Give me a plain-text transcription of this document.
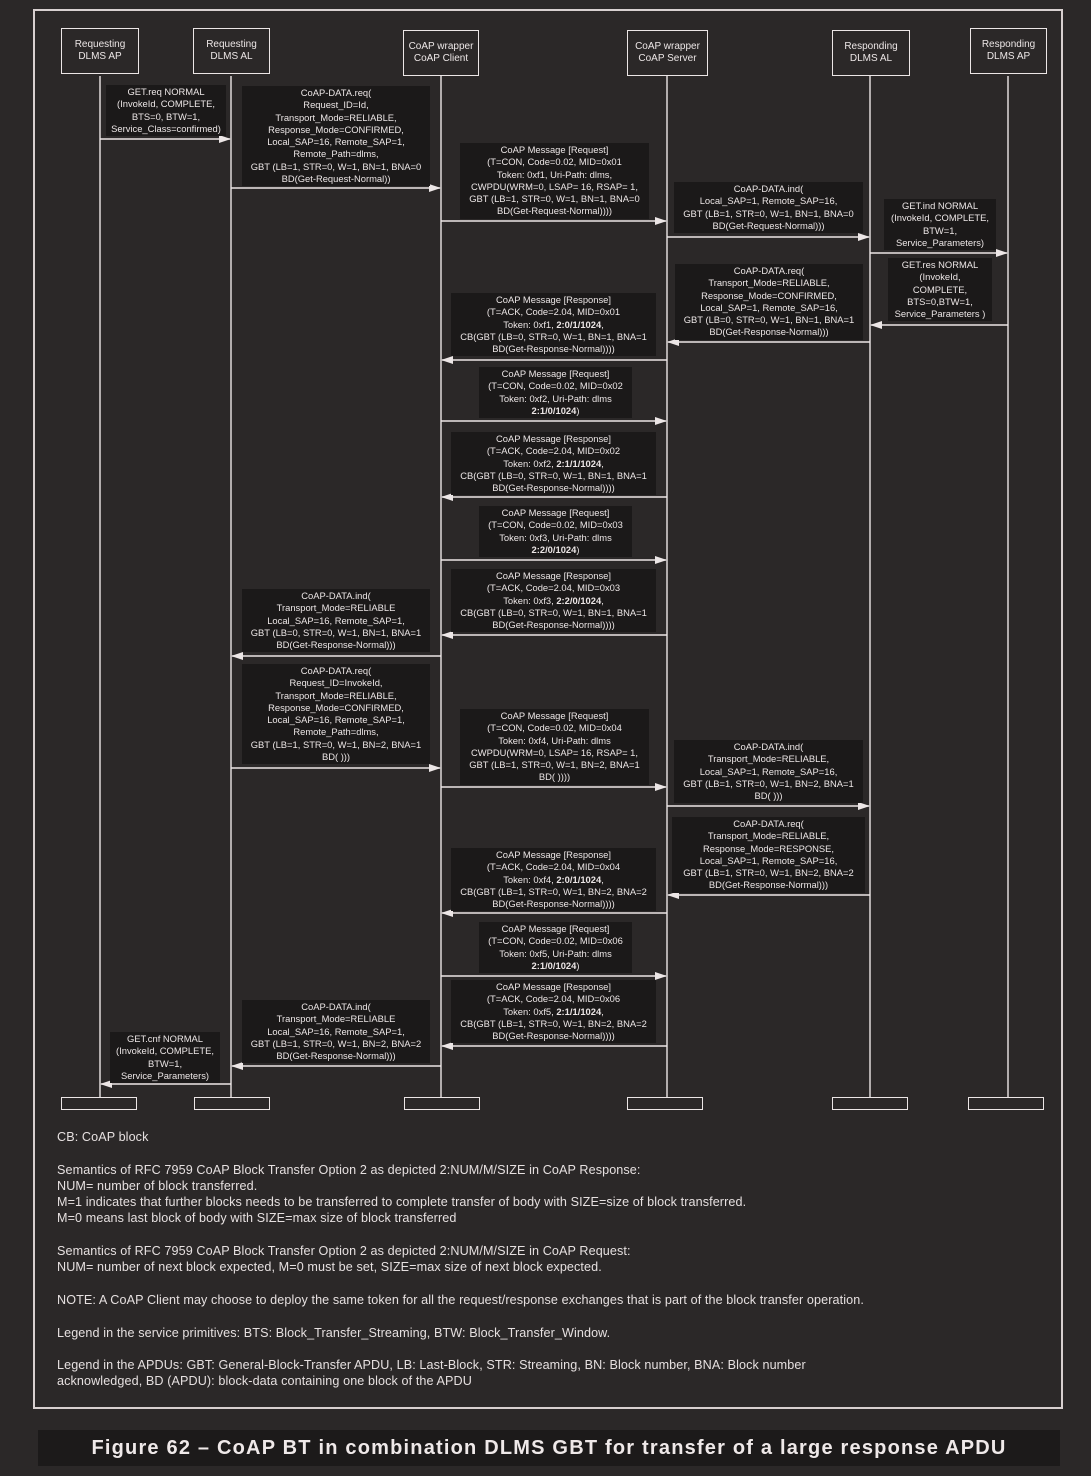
Requesting
DLMS AP
Requesting
DLMS AL
CoAP wrapper
CoAP Client
CoAP wrapper
CoAP Server
Responding
DLMS AL
Responding
DLMS AP
GET.req NORMAL
(InvokeId, COMPLETE,
BTS=0, BTW=1,
Service_Class=confirmed)
CoAP-DATA.req(
Request_ID=Id,
Transport_Mode=RELIABLE,
Response_Mode=CONFIRMED,
Local_SAP=16, Remote_SAP=1,
Remote_Path=dlms,
GBT (LB=1, STR=0, W=1, BN=1, BNA=0
BD(Get-Request-Normal))
CoAP Message [Request]
(T=CON, Code=0.02, MID=0x01
Token: 0xf1, Uri-Path: dlms,
CWPDU(WRM=0, LSAP= 16, RSAP= 1,
GBT (LB=1, STR=0, W=1, BN=1, BNA=0
BD(Get-Request-Normal))))
CoAP-DATA.ind(
Local_SAP=1, Remote_SAP=16,
GBT (LB=1, STR=0, W=1, BN=1, BNA=0
BD(Get-Request-Normal)))
GET.ind NORMAL
(InvokeId, COMPLETE,
BTW=1,
Service_Parameters)
GET.res NORMAL
(InvokeId,
COMPLETE,
BTS=0,BTW=1,
Service_Parameters )
CoAP-DATA.req(
Transport_Mode=RELIABLE,
Response_Mode=CONFIRMED,
Local_SAP=1, Remote_SAP=16,
GBT (LB=0, STR=0, W=1, BN=1, BNA=1
BD(Get-Response-Normal)))
CoAP Message [Response]
(T=ACK, Code=2.04, MID=0x01
Token: 0xf1, 2:0/1/1024,
CB(GBT (LB=0, STR=0, W=1, BN=1, BNA=1
BD(Get-Response-Normal))))
CoAP Message [Request]
(T=CON, Code=0.02, MID=0x02
Token: 0xf2, Uri-Path: dlms
2:1/0/1024)
CoAP Message [Response]
(T=ACK, Code=2.04, MID=0x02
Token: 0xf2, 2:1/1/1024,
CB(GBT (LB=0, STR=0, W=1, BN=1, BNA=1
BD(Get-Response-Normal))))
CoAP Message [Request]
(T=CON, Code=0.02, MID=0x03
Token: 0xf3, Uri-Path: dlms
2:2/0/1024)
CoAP Message [Response]
(T=ACK, Code=2.04, MID=0x03
Token: 0xf3, 2:2/0/1024,
CB(GBT (LB=0, STR=0, W=1, BN=1, BNA=1
BD(Get-Response-Normal))))
CoAP-DATA.ind(
Transport_Mode=RELIABLE
Local_SAP=16, Remote_SAP=1,
GBT (LB=0, STR=0, W=1, BN=1, BNA=1
BD(Get-Response-Normal)))
CoAP-DATA.req(
Request_ID=InvokeId,
Transport_Mode=RELIABLE,
Response_Mode=CONFIRMED,
Local_SAP=16, Remote_SAP=1,
Remote_Path=dlms,
GBT (LB=1, STR=0, W=1, BN=2, BNA=1
BD( )))
CoAP Message [Request]
(T=CON, Code=0.02, MID=0x04
Token: 0xf4, Uri-Path: dlms
CWPDU(WRM=0, LSAP= 16, RSAP= 1,
GBT (LB=1, STR=0, W=1, BN=2, BNA=1
BD( ))))
CoAP-DATA.ind(
Transport_Mode=RELIABLE,
Local_SAP=1, Remote_SAP=16,
GBT (LB=1, STR=0, W=1, BN=2, BNA=1
BD( )))
CoAP-DATA.req(
Transport_Mode=RELIABLE,
Response_Mode=RESPONSE,
Local_SAP=1, Remote_SAP=16,
GBT (LB=1, STR=0, W=1, BN=2, BNA=2
BD(Get-Response-Normal)))
CoAP Message [Response]
(T=ACK, Code=2.04, MID=0x04
Token: 0xf4, 2:0/1/1024,
CB(GBT (LB=1, STR=0, W=1, BN=2, BNA=2
BD(Get-Response-Normal))))
CoAP Message [Request]
(T=CON, Code=0.02, MID=0x06
Token: 0xf5, Uri-Path: dlms
2:1/0/1024)
CoAP Message [Response]
(T=ACK, Code=2.04, MID=0x06
Token: 0xf5, 2:1/1/1024,
CB(GBT (LB=1, STR=0, W=1, BN=2, BNA=2
BD(Get-Response-Normal))))
CoAP-DATA.ind(
Transport_Mode=RELIABLE
Local_SAP=16, Remote_SAP=1,
GBT (LB=1, STR=0, W=1, BN=2, BNA=2
BD(Get-Response-Normal)))
GET.cnf NORMAL
(InvokeId, COMPLETE,
BTW=1,
Service_Parameters)

CB: CoAP block

Semantics of RFC 7959 CoAP Block Transfer Option 2 as depicted 2:NUM/M/SIZE in CoAP Response:
NUM= number of block transferred.
M=1 indicates that further blocks needs to be transferred to complete transfer of body with SIZE=size of block transferred.
M=0 means last block of body with SIZE=max size of block transferred

Semantics of RFC 7959 CoAP Block Transfer Option 2 as depicted 2:NUM/M/SIZE in CoAP Request:
NUM= number of next block expected, M=0 must be set, SIZE=max size of next block expected.

NOTE: A CoAP Client may choose to deploy the same token for all the request/response exchanges that is part of the block transfer operation.

Legend in the service primitives: BTS: Block_Transfer_Streaming, BTW: Block_Transfer_Window.

Legend in the APDUs: GBT: General-Block-Transfer APDU, LB: Last-Block, STR: Streaming, BN: Block number, BNA: Block number
acknowledged, BD (APDU): block-data containing one block of the APDU

Figure 62 – CoAP BT in combination DLMS GBT for transfer of a large response APDU
